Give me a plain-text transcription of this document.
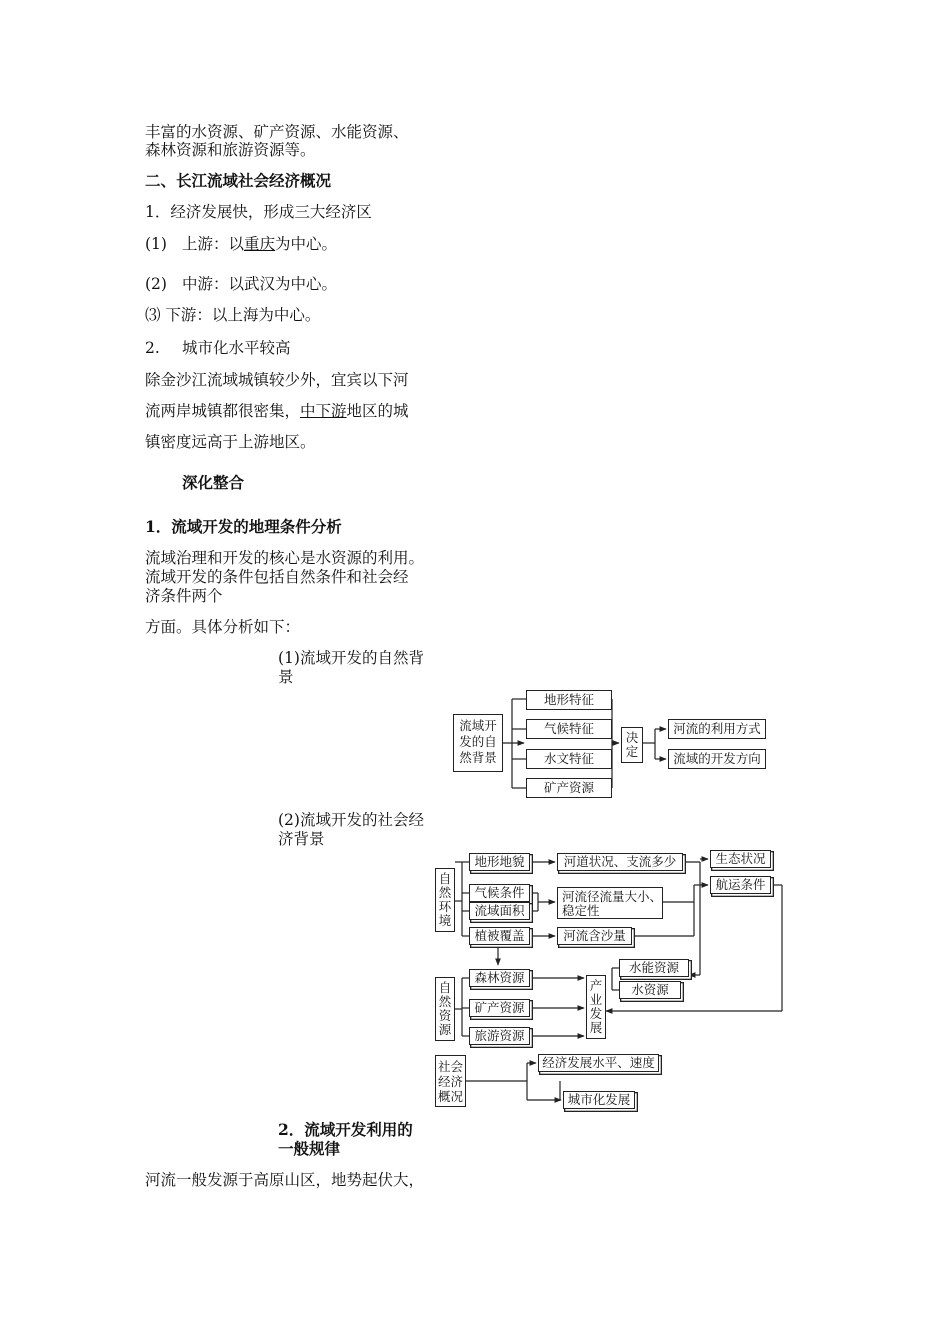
丰富的水资源、矿产资源、水能资源、
森林资源和旅游资源等。
二、长江流域社会经济概况
1．经济发展快，形成三大经济区
(1) 上游：以重庆为中心。
(2) 中游：以武汉为中心。
⑶ 下游：以上海为中心。
2. 城市化水平较高
除金沙江流域城镇较少外，宜宾以下河
流两岸城镇都很密集，中下游地区的城
镇密度远高于上游地区。
深化整合
1．流域开发的地理条件分析
流域治理和开发的核心是水资源的利用。
流域开发的条件包括自然条件和社会经
济条件两个
方面。具体分析如下：
(1)流域开发的自然背
景
(2)流域开发的社会经
济背景
2．流域开发利用的
一般规律
河流一般发源于高原山区，地势起伏大，
流域开
发的自
然背景
地形特征
气候特征
水文特征
矿产资源
决
定
河流的利用方式
流域的开发方向
自
然
环
境
地形地貌
气候条件
流域面积
植被覆盖
河道状况、支流多少
河流径流量大小、
稳定性
河流含沙量
生态状况
航运条件
自
然
资
源
森林资源
矿产资源
旅游资源
产
业
发
展
水能资源
水资源
社会
经济
概况
经济发展水平、速度
城市化发展
